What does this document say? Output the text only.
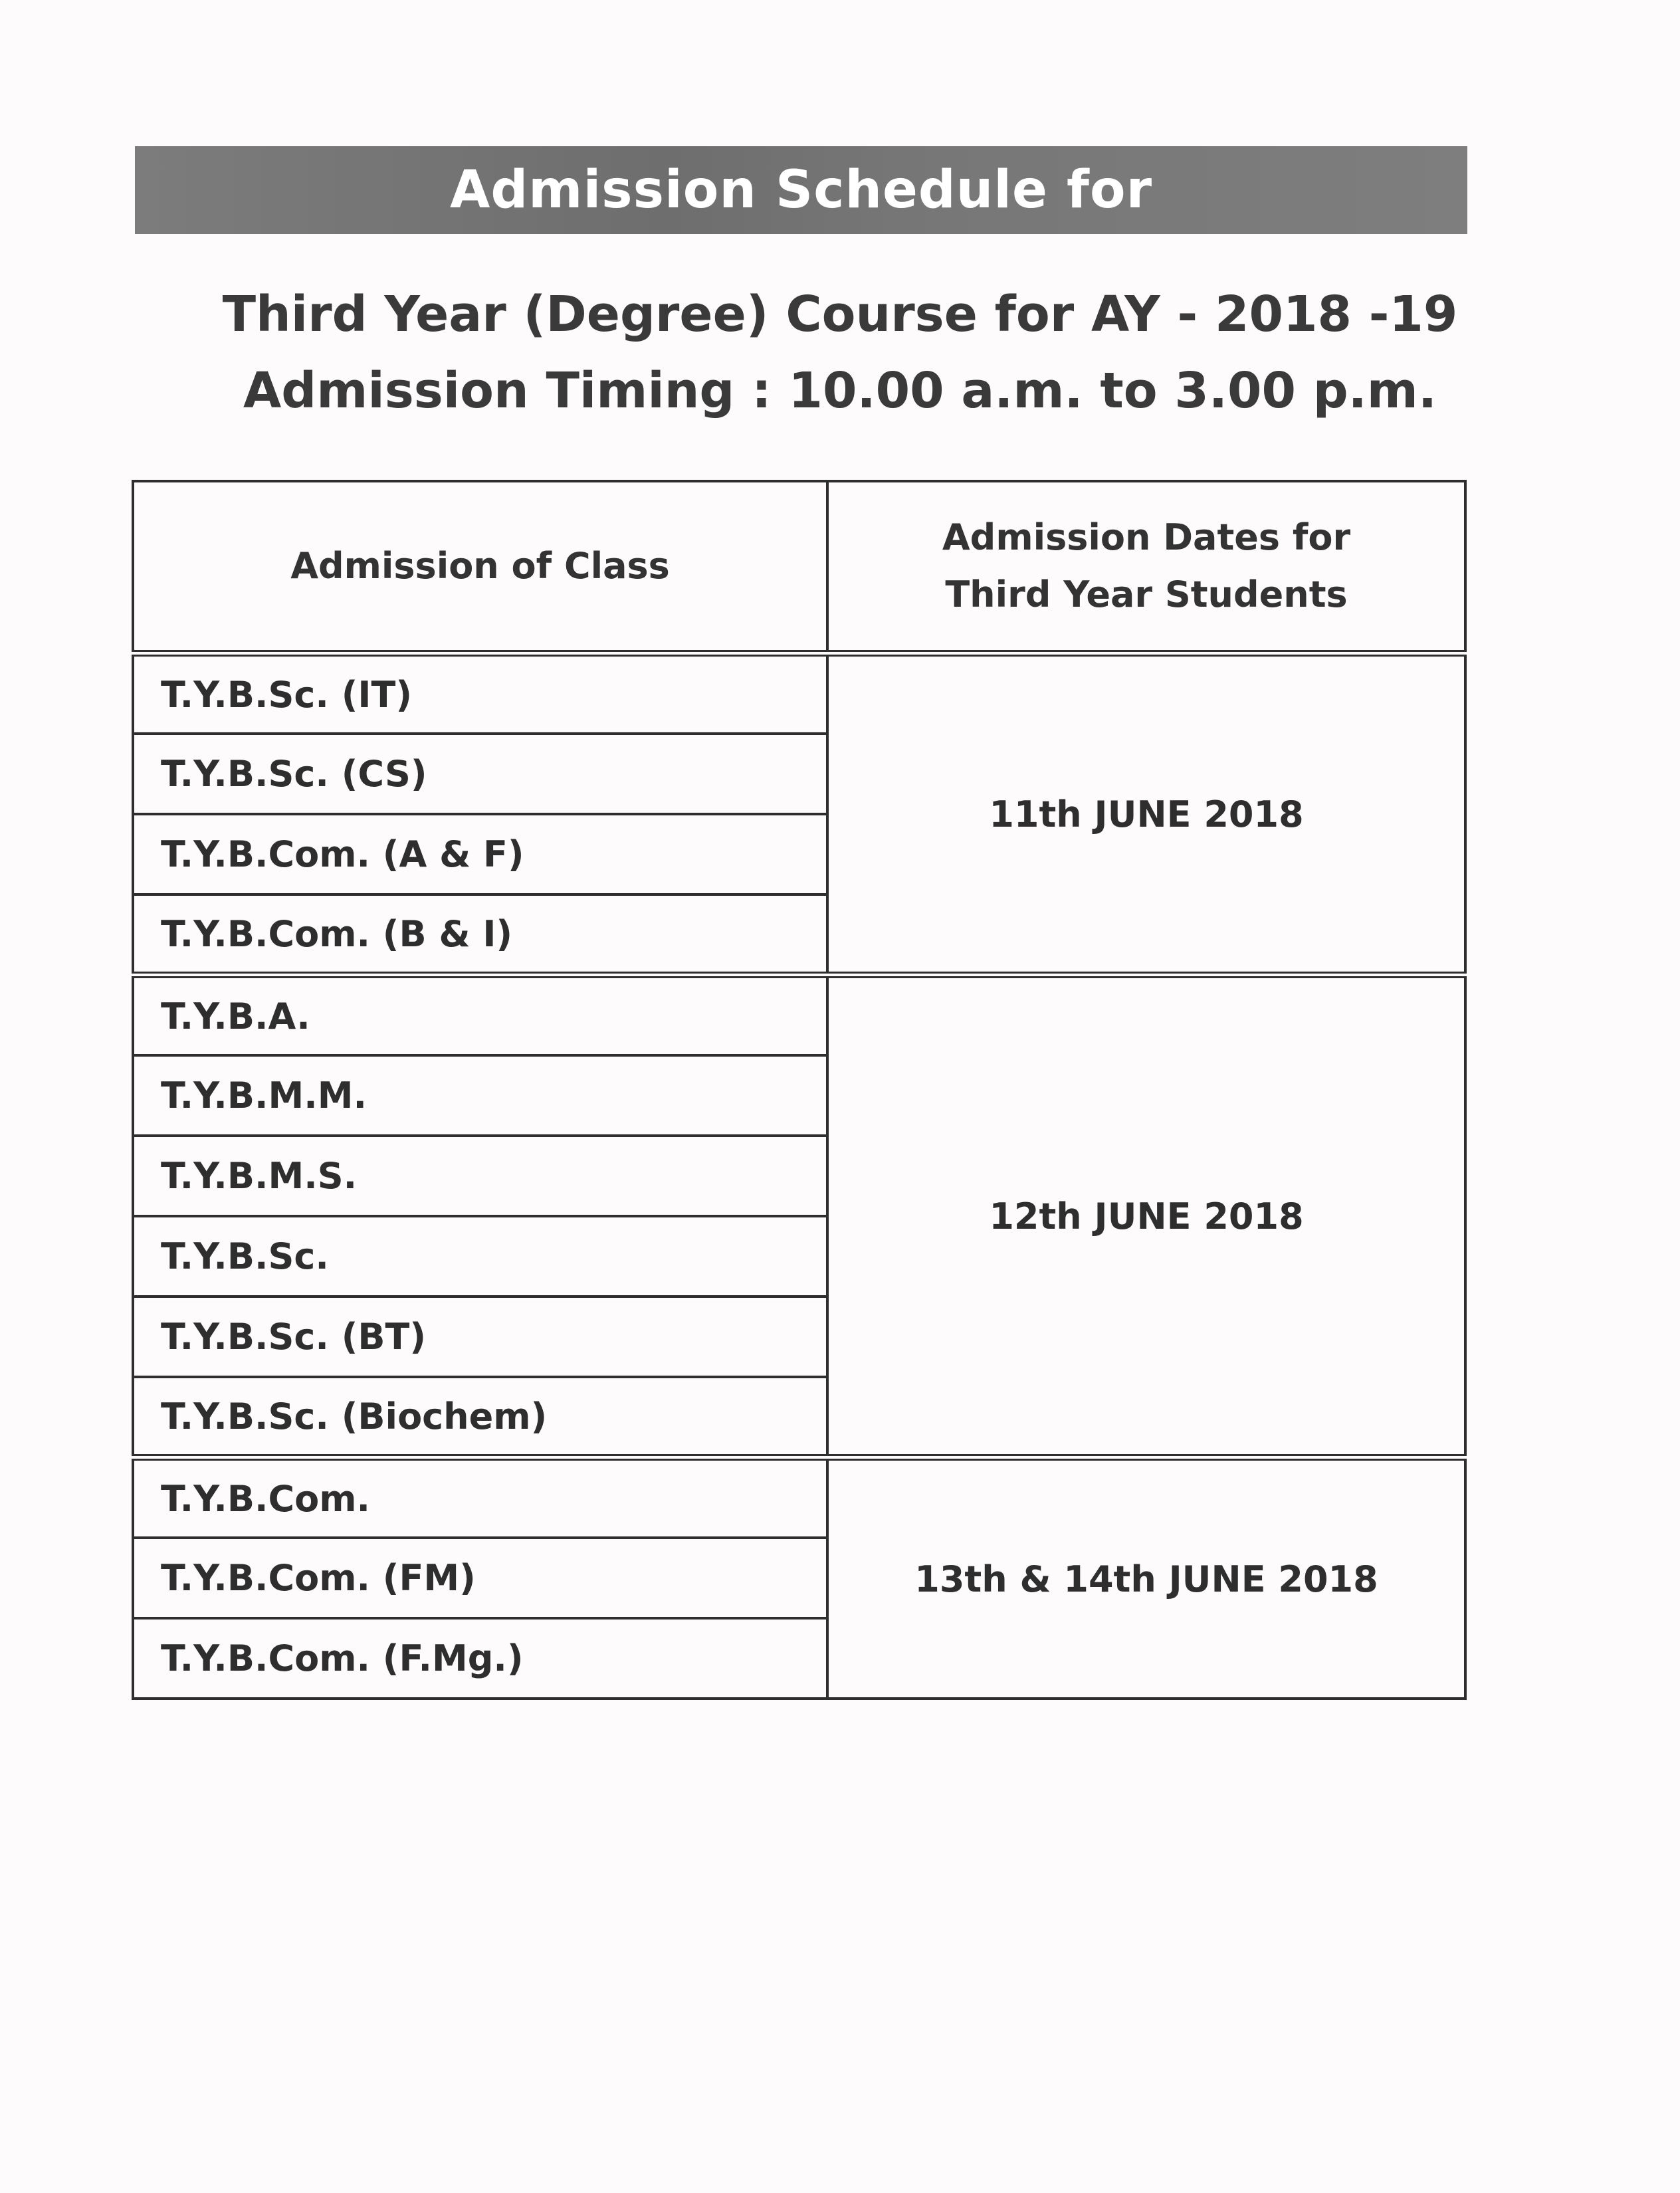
Admission Schedule for
Third Year (Degree) Course for AY - 2018 -19
Admission Timing : 10.00 a.m. to 3.00 p.m.
Admission of Class	Admission Dates for Third Year Students
T.Y.B.Sc. (IT)	11th JUNE 2018
T.Y.B.Sc. (CS)	
T.Y.B.Com. (A & F)	
T.Y.B.Com. (B & I)	
T.Y.B.A.	12th JUNE 2018
T.Y.B.M.M.	
T.Y.B.M.S.	
T.Y.B.Sc.	
T.Y.B.Sc. (BT)	
T.Y.B.Sc. (Biochem)	
T.Y.B.Com.	13th & 14th JUNE 2018
T.Y.B.Com. (FM)	
T.Y.B.Com. (F.Mg.)	
